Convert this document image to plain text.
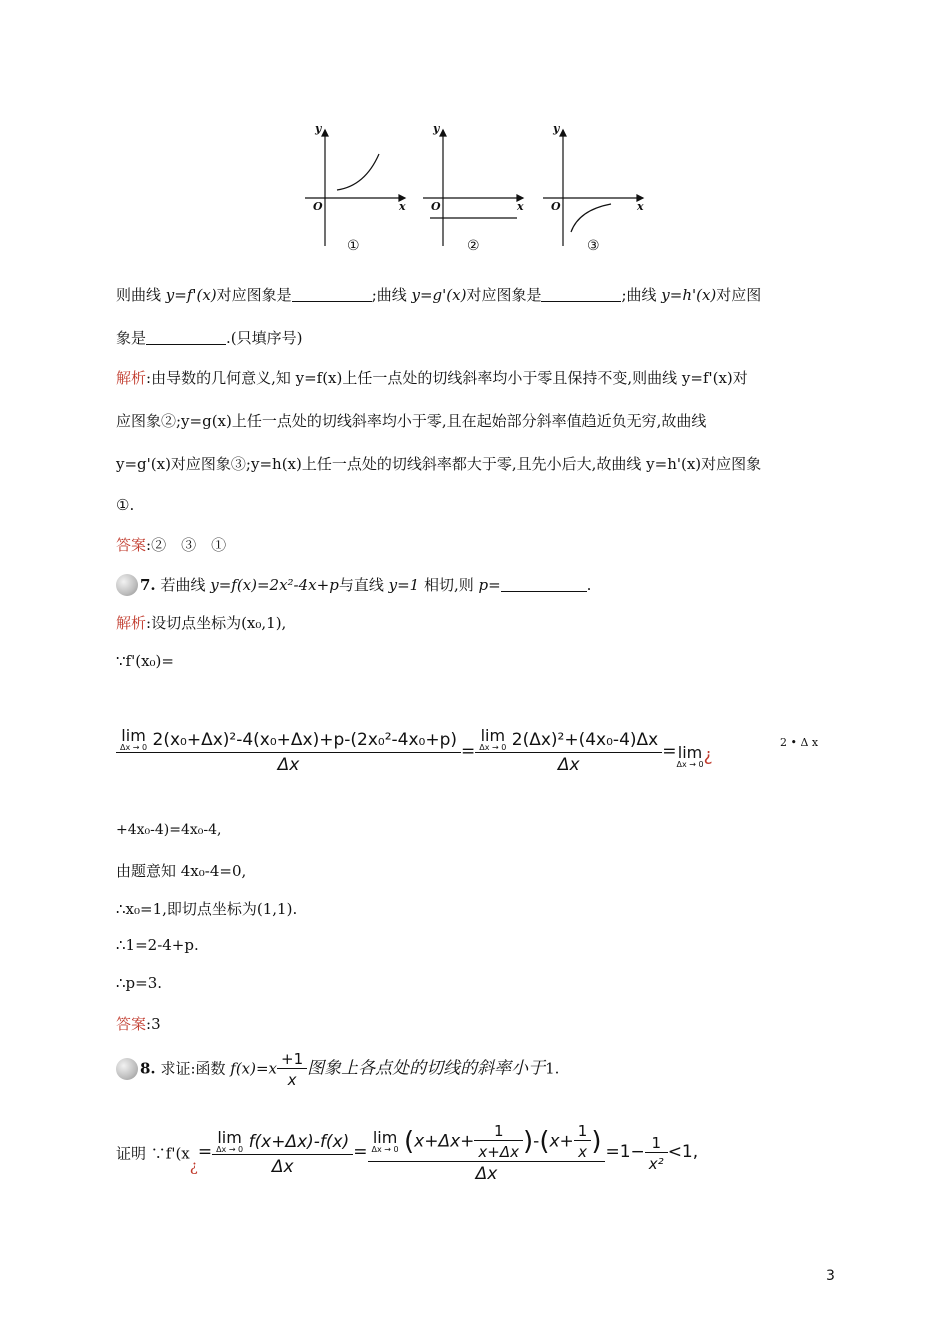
y
x
O
y
x
O
y
x
O
①	②	③
则曲线 y=f'(x)对应图象是	;曲线 y=g'(x)对应图象是	;曲线 y=h'(x)对应图
象是	.(只填序号)
解析:由导数的几何意义,知 y=f(x)上任一点处的切线斜率均小于零且保持不变,则曲线 y=f'(x)对
应图象②;y=g(x)上任一点处的切线斜率均小于零,且在起始部分斜率值趋近负无穷,故曲线
y=g'(x)对应图象③;y=h(x)上任一点处的切线斜率都大于零,且先小后大,故曲线 y=h'(x)对应图象
①.
答案:②　③　①
7. 若曲线 y=f(x)=2x²-4x+p与直线 y=1 相切,则 p=	.
解析:设切点坐标为(x₀,1),
∵f'(x₀)=
lim
Δx → 0 2(x₀+Δx)²-4(x₀+Δx)+p-(2x₀²-4x₀+p)
Δx = lim
Δx → 0 2(Δx)²+(4x₀-4)Δx
Δx = lim
Δx → 0 ¿
2 • Δ x
+4x₀-4)=4x₀-4,
由题意知 4x₀-4=0,
∴x₀=1,即切点坐标为(1,1).
∴1=2-4+p.
∴p=3.
答案:3
8. 求证:函数 $f(x)=x \frac{+1}{x}$ 图象上各点处的切线的斜率小于1.
证明 ∵f'(x¿= lim
Δx → 0 f(x+Δx)-f(x)
Δx = lim
Δx → 0 $(x+\Delta x+ \frac{1}{x+\Delta x} )-(x+ \frac{1}{x}$ )
$\Delta x =1- \frac{1}{\text{x²}} <1$,
3
